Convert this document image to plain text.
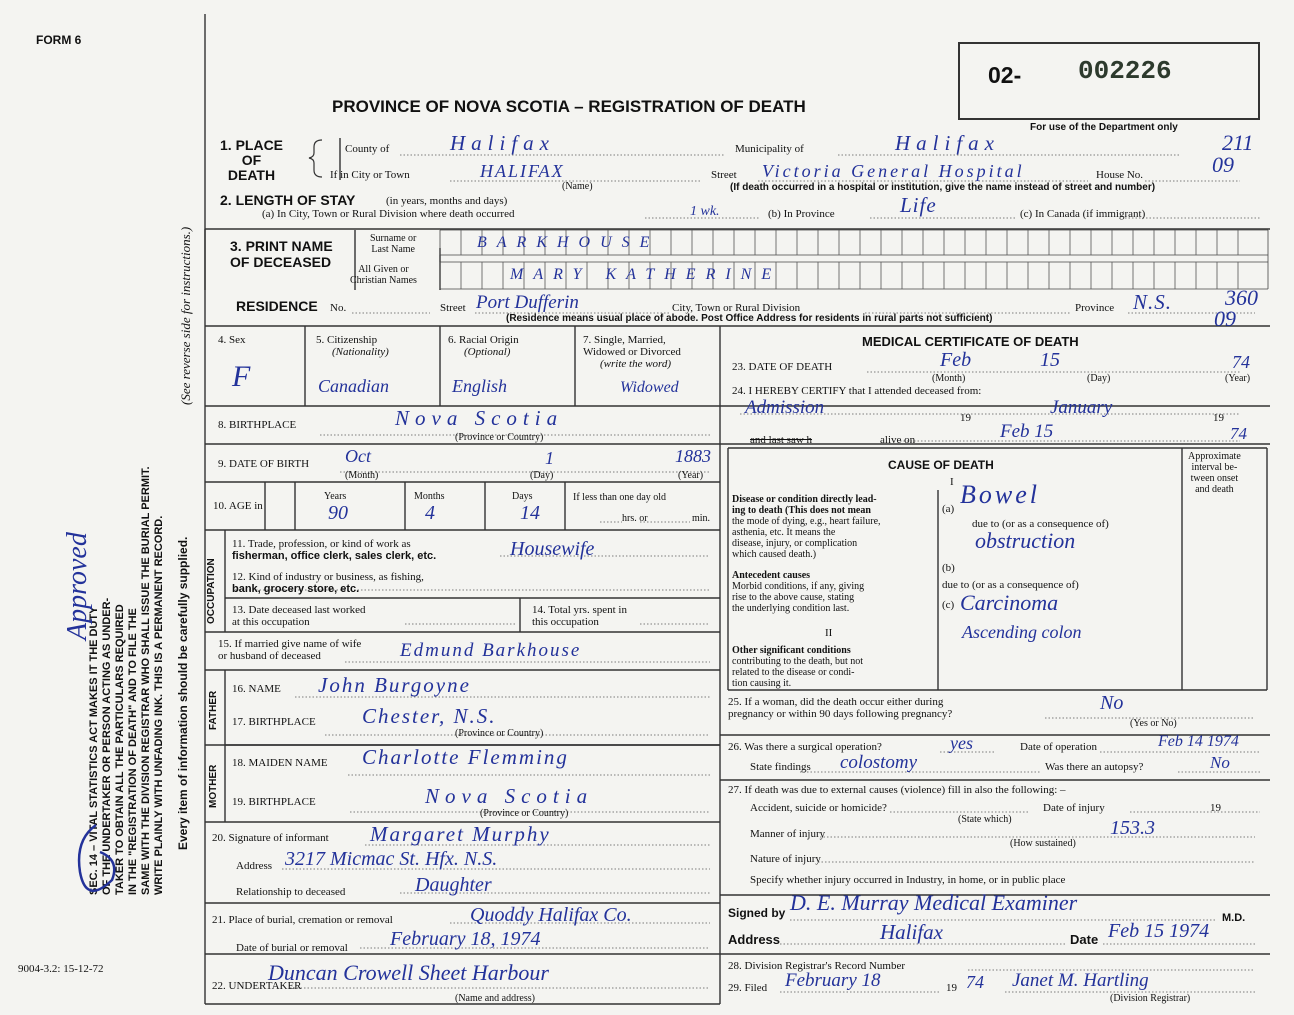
FORM 6
PROVINCE OF NOVA SCOTIA – REGISTRATION OF DEATH
02- 002226
For use of the Department only
211
09
360
09
SEC. 14 – VITAL STATISTICS ACT MAKES IT THE DUTY OF THE UNDERTAKER OR PERSON ACTING AS UNDER- TAKER TO OBTAIN ALL THE PARTICULARS REQUIRED IN THE "REGISTRATION OF DEATH" AND TO FILE THE SAME WITH THE DIVISION REGISTRAR WHO SHALL ISSUE THE BURIAL PERMIT. WRITE PLAINLY WITH UNFADING INK. THIS IS A PERMANENT RECORD. Every item of information should be carefully supplied.
(See reverse side for instructions.)
Approved
9004-3.2: 15-12-72
1. PLACE
OF
DEATH
County of	Halifax	Municipality of	Halifax
If in City or Town	HALIFAX
(Name)
Street Victoria General Hospital	House No.
(If death occurred in a hospital or institution, give the name instead of street and number)
2. LENGTH OF STAY	(in years, months and days)
(a) In City, Town or Rural Division where death occurred	1 wk.	(b) In Province	Life	(c) In Canada (if immigrant)
3. PRINT NAME
OF DECEASED
Surname or
Last Name	BARKHOUSE
All Given or
Christian Names	MARY KATHERINE
RESIDENCE No.	Street Port Dufferin	City, Town or Rural Division	Province N.S.
(Residence means usual place of abode. Post Office Address for residents in rural parts not sufficient)
4. Sex
F
5. Citizenship
(Nationality)
Canadian
6. Racial Origin
(Optional)
English
7. Single, Married,
Widowed or Divorced
(write the word)
Widowed
8. BIRTHPLACE	Nova Scotia
(Province or Country)
9. DATE OF BIRTH Oct	1	1883
(Month)	(Day)	(Year)
10. AGE in
Years
90
Months
4
Days
14
If less than one day old
hrs. or	min.
OCCUPATION
11. Trade, profession, or kind of work as
fisherman, office clerk, sales clerk, etc.	Housewife
12. Kind of industry or business, as fishing,
bank, grocery store, etc.
13. Date deceased last worked
at this occupation
14. Total yrs. spent in
this occupation
15. If married give name of wife
or husband of deceased	Edmund Barkhouse
FATHER
16. NAME John Burgoyne
17. BIRTHPLACE Chester, N.S.
(Province or Country)
MOTHER
18. MAIDEN NAME Charlotte Flemming
19. BIRTHPLACE	Nova Scotia
(Province or Country)
20. Signature of informant Margaret Murphy
Address 3217 Micmac St. Hfx. N.S.
Relationship to deceased	Daughter
21. Place of burial, cremation or removal	Quoddy Halifax Co.
Date of burial or removal February 18, 1974
22. UNDERTAKER
Duncan Crowell Sheet Harbour
(Name and address)
MEDICAL CERTIFICATE OF DEATH
23. DATE OF DEATH	Feb	15	74
(Month)	(Day)	(Year)
24. I HEREBY CERTIFY that I attended deceased from:
Admission	19	January	19
and last saw h	alive on	Feb 15	74
CAUSE OF DEATH
I
Approximate
interval be-
tween onset
and death
Disease or condition directly lead-
ing to death (This does not mean
the mode of dying, e.g., heart failure,
asthenia, etc. It means the
disease, injury, or complication
which caused death.)
(a) Bowel
due to (or as a consequence of)
obstruction
Antecedent causes
Morbid conditions, if any, giving
rise to the above cause, stating
the underlying condition last.
(b)
due to (or as a consequence of)
(c) Carcinoma
II
Other significant conditions
contributing to the death, but not
related to the disease or condi-
tion causing it.
Ascending colon
25. If a woman, did the death occur either during
pregnancy or within 90 days following pregnancy?	No
(Yes or No)
26. Was there a surgical operation?	yes	Date of operation	Feb 14 1974
State findings colostomy	Was there an autopsy?	No
27. If death was due to external causes (violence) fill in also the following: –
Accident, suicide or homicide?	Date of injury	19
(State which)
Manner of injury	153.3
(How sustained)
Nature of injury
Specify whether injury occurred in Industry, in home, or in public place
Signed by D. E. Murray Medical Examiner
M.D.
Address	Halifax	Date Feb 15 1974
28. Division Registrar's Record Number
29. Filed February 18	19 74 Janet M. Hartling
(Division Registrar)
